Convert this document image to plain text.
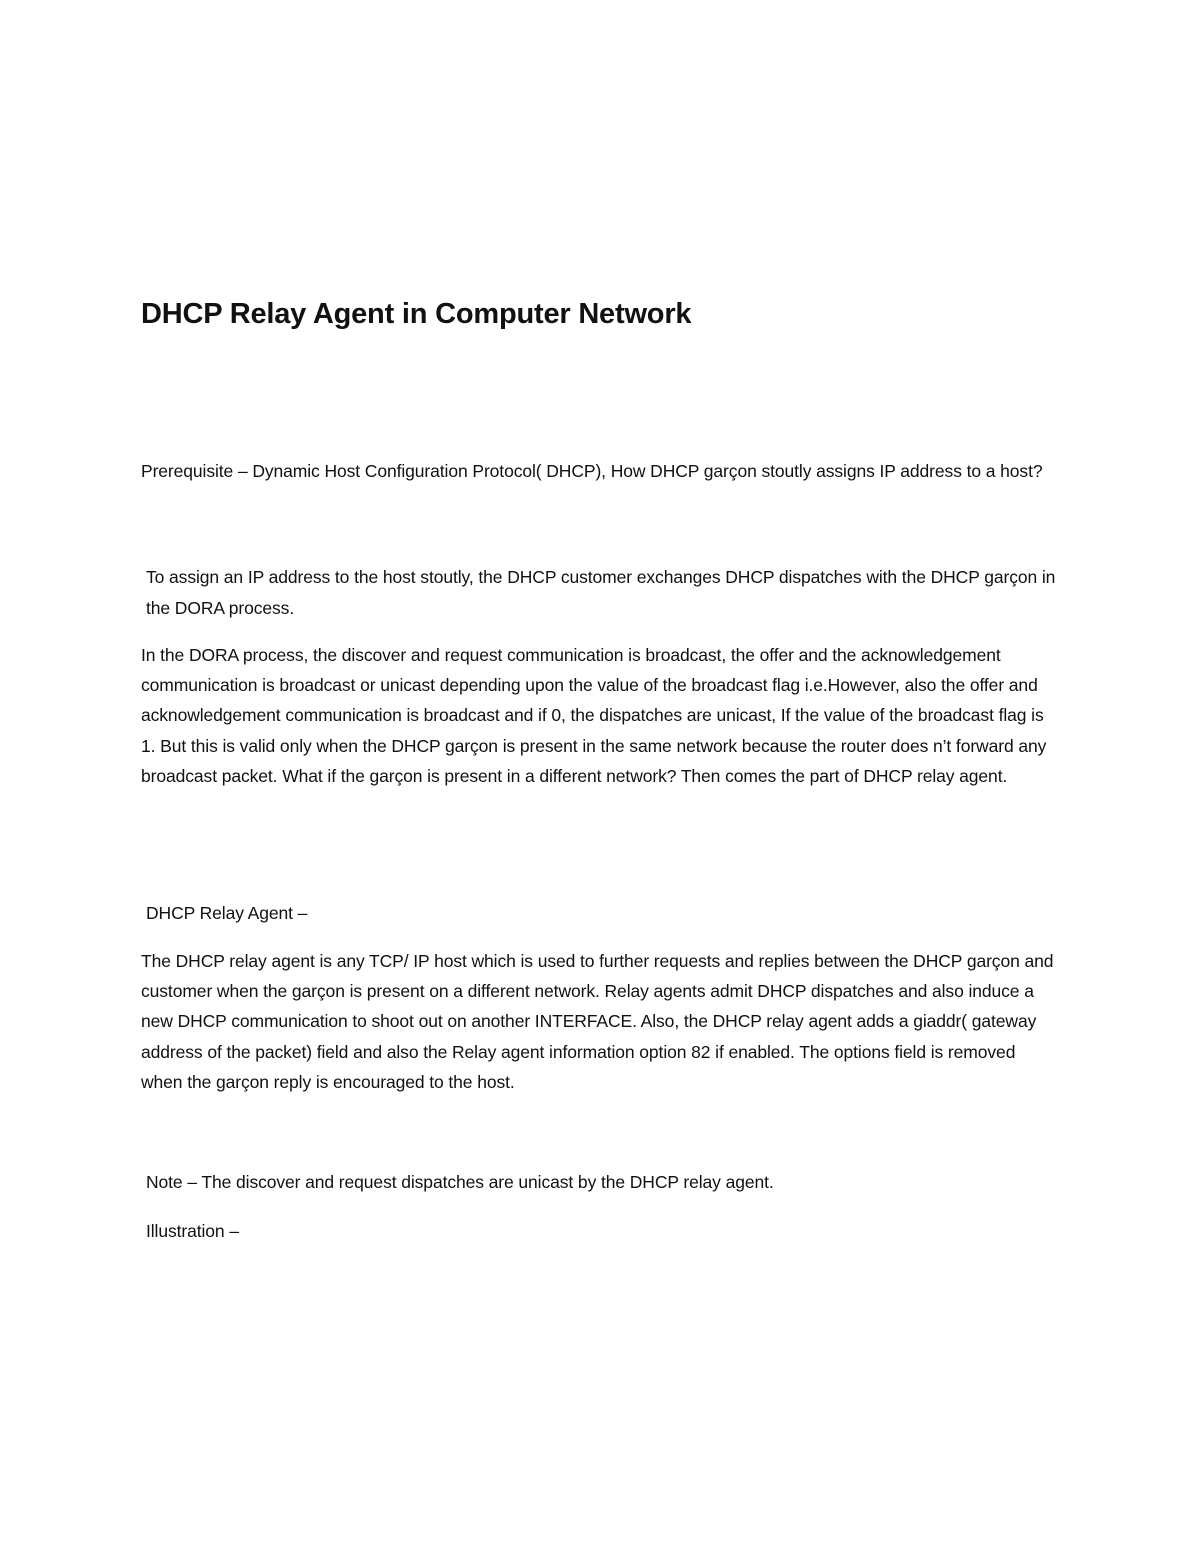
DHCP Relay Agent in Computer Network

Prerequisite – Dynamic Host Configuration Protocol( DHCP), How DHCP garçon stoutly assigns IP address to a host?

To assign an IP address to the host stoutly, the DHCP customer exchanges DHCP dispatches with the DHCP garçon in the DORA process.

In the DORA process, the discover and request communication is broadcast, the offer and the acknowledgement communication is broadcast or unicast depending upon the value of the broadcast flag i.e.However, also the offer and acknowledgement communication is broadcast and if 0, the dispatches are unicast, If the value of the broadcast flag is 1. But this is valid only when the DHCP garçon is present in the same network because the router does n’t forward any broadcast packet. What if the garçon is present in a different network? Then comes the part of DHCP relay agent.

DHCP Relay Agent –

The DHCP relay agent is any TCP/ IP host which is used to further requests and replies between the DHCP garçon and customer when the garçon is present on a different network. Relay agents admit DHCP dispatches and also induce a new DHCP communication to shoot out on another INTERFACE. Also, the DHCP relay agent adds a giaddr( gateway address of the packet) field and also the Relay agent information option 82 if enabled. The options field is removed when the garçon reply is encouraged to the host.

Note – The discover and request dispatches are unicast by the DHCP relay agent.

Illustration –
